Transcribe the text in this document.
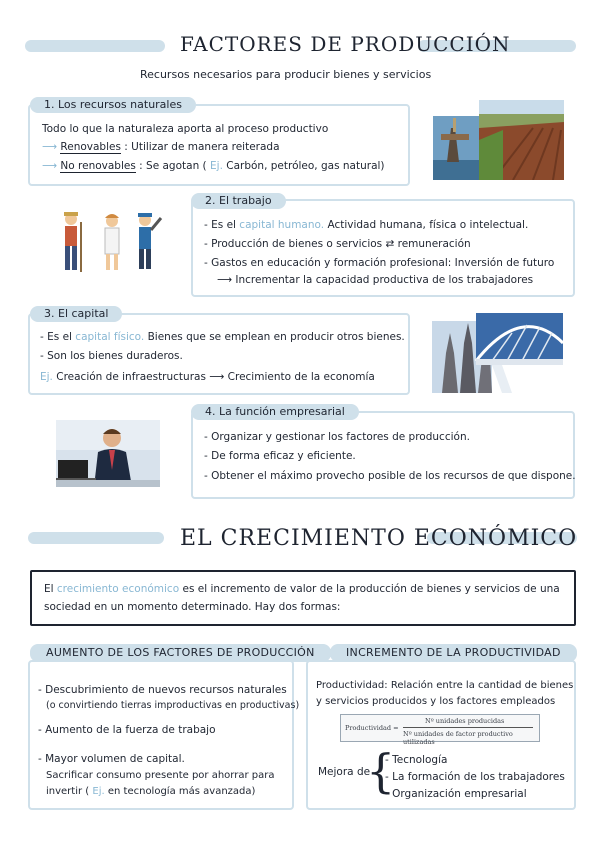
FACTORES DE PRODUCCIÓN
Recursos necesarios para producir bienes y servicios
1. Los recursos naturales
Todo lo que la naturaleza aporta al proceso productivo
⟶ Renovables : Utilizar de manera reiterada
⟶ No renovables : Se agotan ( Ej. Carbón, petróleo, gas natural)
2. El trabajo
- Es el capital humano. Actividad humana, física o intelectual.
- Producción de bienes o servicios ⇄ remuneración
- Gastos en educación y formación profesional: Inversión de futuro
⟶ Incrementar la capacidad productiva de los trabajadores
3. El capital
- Es el capital físico. Bienes que se emplean en producir otros bienes.
- Son los bienes duraderos.
Ej. Creación de infraestructuras ⟶ Crecimiento de la economía
4. La función empresarial
- Organizar y gestionar los factores de producción.
- De forma eficaz y eficiente.
- Obtener el máximo provecho posible de los recursos de que dispone.
EL CRECIMIENTO ECONÓMICO
El crecimiento económico es el incremento de valor de la producción de bienes y servicios de una
sociedad en un momento determinado. Hay dos formas:
AUMENTO DE LOS FACTORES DE PRODUCCIÓN
- Descubrimiento de nuevos recursos naturales
(o convirtiendo tierras improductivas en productivas)
- Aumento de la fuerza de trabajo
- Mayor volumen de capital.
Sacrificar consumo presente por ahorrar para
invertir ( Ej. en tecnología más avanzada)
INCREMENTO DE LA PRODUCTIVIDAD
Productividad: Relación entre la cantidad de bienes
y servicios producidos y los factores empleados
Productividad =
Nº unidades producidas
Nº unidades de factor productivo utilizadas
Mejora de
{
- Tecnología
- La formación de los trabajadores
- Organización empresarial
